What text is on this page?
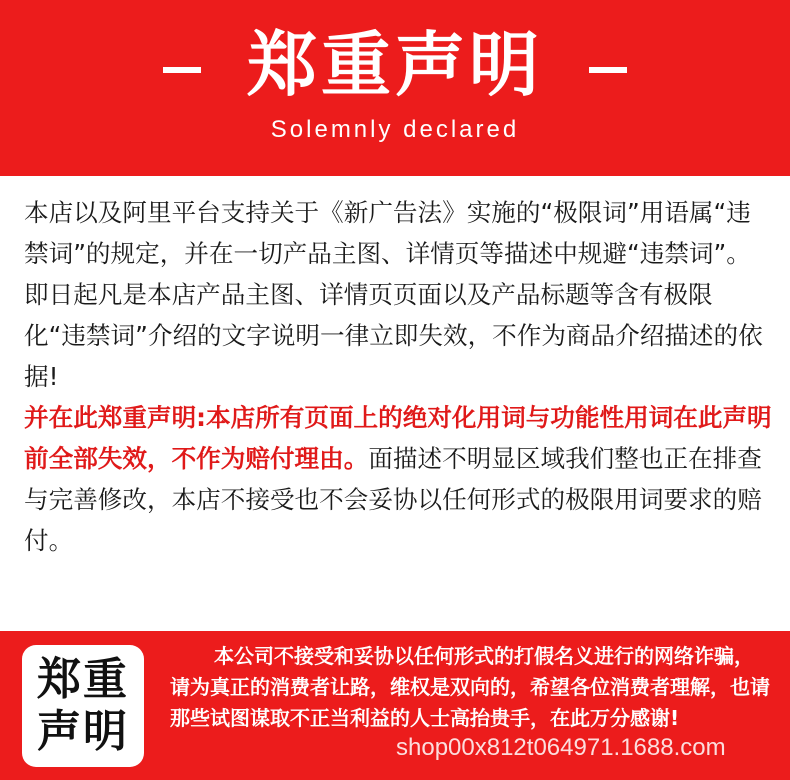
郑重声明
Solemnly declared

本店以及阿里平台支持关于《新广告法》实施的“极限词”用语属“违禁词”的规定，并在一切产品主图、详情页等描述中规避“违禁词”。

即日起凡是本店产品主图、详情页页面以及产品标题等含有极限化“违禁词”介绍的文字说明一律立即失效，不作为商品介绍描述的依据!

并在此郑重声明:本店所有页面上的绝对化用词与功能性用词在此声明前全部失效，不作为赔付理由。面描述不明显区域我们整也正在排查与完善修改，本店不接受也不会妥协以任何形式的极限用词要求的赔付。

郑重
声明
本公司不接受和妥协以任何形式的打假名义进行的网络诈骗，请为真正的消费者让路，维权是双向的，希望各位消费者理解，也请那些试图谋取不正当利益的人士高抬贵手，在此万分感谢!
shop00x812t064971.1688.com
